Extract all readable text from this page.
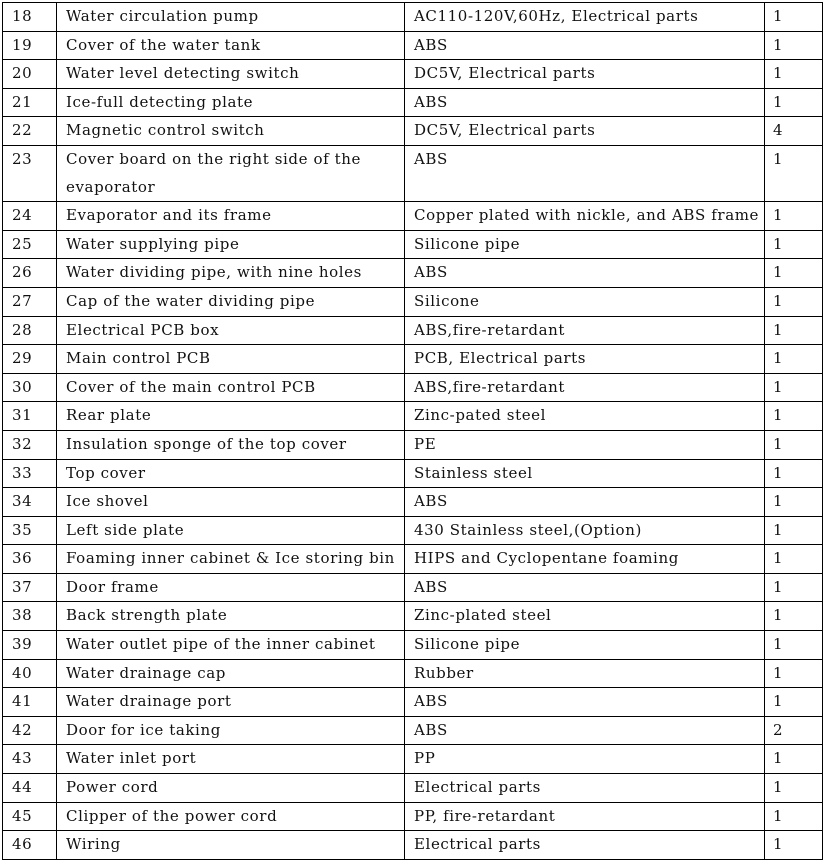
18	Water circulation pump	AC110-120V,60Hz, Electrical parts	1
19	Cover of the water tank	ABS	1
20	Water level detecting switch	DC5V, Electrical parts	1
21	Ice-full detecting plate	ABS	1
22	Magnetic control switch	DC5V, Electrical parts	4
23	Cover board on the right side of the evaporator	ABS	1
24	Evaporator and its frame	Copper plated with nickle, and ABS frame	1
25	Water supplying pipe	Silicone pipe	1
26	Water dividing pipe, with nine holes	ABS	1
27	Cap of the water dividing pipe	Silicone	1
28	Electrical PCB box	ABS,fire-retardant	1
29	Main control PCB	PCB, Electrical parts	1
30	Cover of the main control PCB	ABS,fire-retardant	1
31	Rear plate	Zinc-pated steel	1
32	Insulation sponge of the top cover	PE	1
33	Top cover	Stainless steel	1
34	Ice shovel	ABS	1
35	Left side plate	430 Stainless steel,(Option)	1
36	Foaming inner cabinet & Ice storing bin	HIPS and Cyclopentane foaming	1
37	Door frame	ABS	1
38	Back strength plate	Zinc-plated steel	1
39	Water outlet pipe of the inner cabinet	Silicone pipe	1
40	Water drainage cap	Rubber	1
41	Water drainage port	ABS	1
42	Door for ice taking	ABS	2
43	Water inlet port	PP	1
44	Power cord	Electrical parts	1
45	Clipper of the power cord	PP, fire-retardant	1
46	Wiring	Electrical parts	1
